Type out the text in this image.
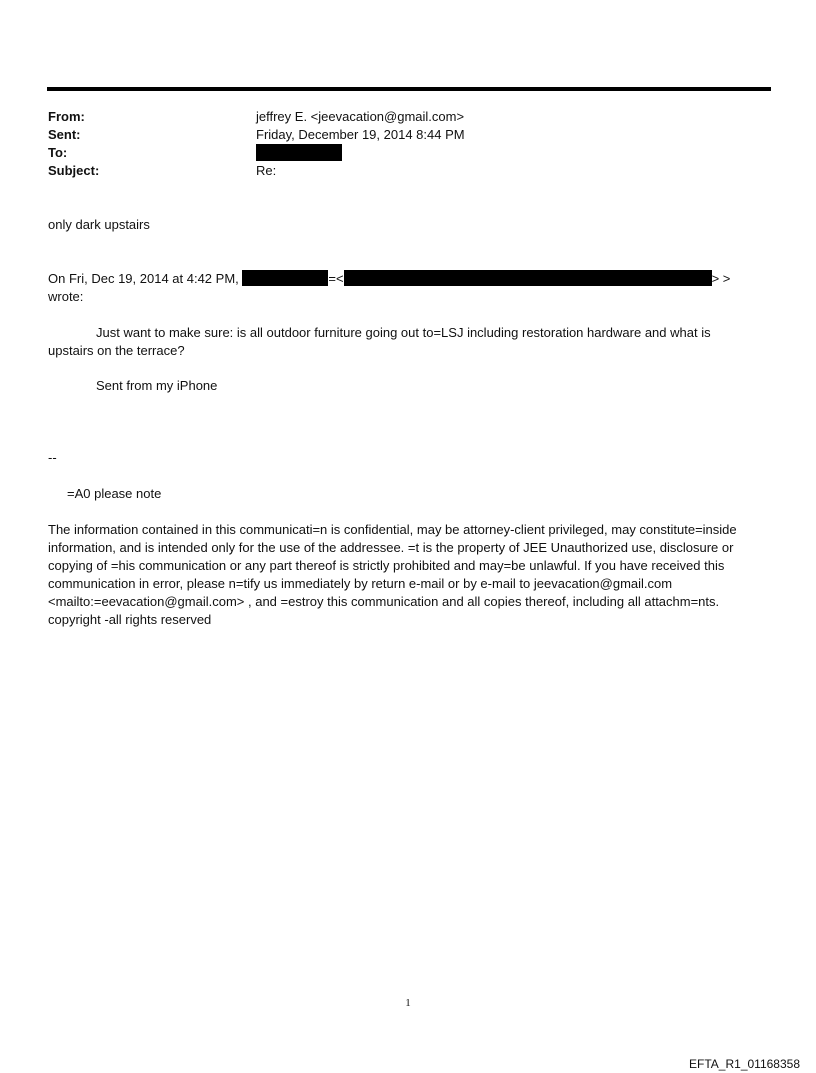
From:	jeffrey E. <jeevacation@gmail.com>
Sent:	Friday, December 19, 2014 8:44 PM
To:
Subject:	Re:
only dark upstairs
On Fri, Dec 19, 2014 at 4:42 PM,	=<	> >
wrote:
Just want to make sure: is all outdoor furniture going out to=LSJ including restoration hardware and what is
upstairs on the terrace?
Sent from my iPhone
--
=A0 please note
The information contained in this communicati=n is confidential, may be attorney-client privileged, may constitute=inside information, and is intended only for the use of the addressee. =t is the property of JEE Unauthorized use, disclosure or copying of =his communication or any part thereof is strictly prohibited and may=be unlawful. If you have received this communication in error, please n=tify us immediately by return e-mail or by e-mail to jeevacation@gmail.com <mailto:=eevacation@gmail.com> , and =estroy this communication and all copies thereof, including all attachm=nts. copyright -all rights reserved
1
EFTA_R1_01168358
